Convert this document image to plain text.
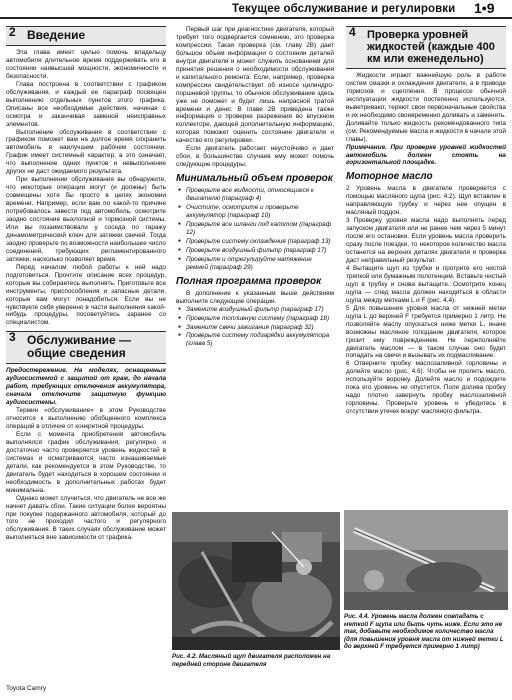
Текущее обслуживание и регулировки 1•9
2 Введение

Эта глава имеет целью помочь владельцу автомобиля длительное время поддерживать его в состоянии наивысшей мощности, экономичности и безопасности.

Глава построена в соответствии с графиком обслуживания, и каждый ее параграф посвящен выполнению отдельных пунктов этого графика. Описаны все необходимые действия, начиная с осмотра и заканчивая заменой неисправных элементов.

Выполнение обслуживания в соответствии с графиком поможет вам на долгое время сохранить автомобиль в наилучшем рабочем состоянии. График имеет системный характер, а это означает, что выполнение одних пунктов и невыполнение других не даст ожидаемого результата.

При выполнении обслуживания вы обнаружите, что некоторые операции могут (и должны) быть совмещены хотя бы просто в целях экономии времени. Например, если вам по какой-то причине потребовалось завести под автомобиль, осмотрите заодно состояние выхлопной и тормозной системы. Или вы позаимствовали у соседа по гаражу динамометрический ключ для затяжки свечей. Тогда заодно проверьте по возможности наибольшее число соединений, требующих регламентированного затяжки, насколько позволяет время.

Перед началом любой работы к ней надо подготовиться. Прочтите описание всех процедур, которые вы собираетесь выполнять. Приготовьте все инструменты, приспособления и запасные детали, которые вам могут понадобиться. Если вы не чувствуете себя уверенно в части выполнения какой-нибудь процедуры, посоветуйтесь заранее со специалистом.

3 Обслуживание — общие сведения

Предостережение. На моделях, оснащенных аудиосистемой с защитой от краж, до начала работ, требующих отключения аккумулятора, сначала отключите защитную функцию аудиосистемы.

Термин «обслуживание» в этом Руководстве относится к выполнению обобщенного комплекса операций в отличие от конкретной процедуры.

Если с момента приобретения автомобиль выполнялся график обслуживания, регулярно и достаточно часто проверяется уровень жидкостей в системах и осматриваются часто изнашиваемые детали, как рекомендуется в этом Руководстве, то двигатель будет находиться в хорошем состоянии и необходимость в дополнительных работах будет минимальна.

Однако может случиться, что двигатель не все же начнет давать сбои. Такие ситуации более вероятны при покупке подержанного автомобиля, который до того не проходил частого и регулярного обслуживания. В таких случаях обслуживание может выполняться вне зависимости от графика.

Первый шаг при диагностике двигателя, который требует того подвергается сомнению, это проверка компрессии. Такая проверка (см. главу 2В) дает большое объем информации о состоянии деталей внутри двигателя и может служить основанием для принятия решения о необходимости обслуживания и капитального ремонта. Если, например, проверка компрессии свидетельствует об износе цилиндро-поршневой группы, то обычное обслуживание здесь уже не поможет и будет лишь напрасной тратой времени и денег. В главе 2В приведена также информация о проверке разрежения во впускном коллекторе, дающей дополнительную информацию, которая поможет оценить состояние двигателя и качество его регулировки.

Если двигатель работает неустойчиво и дает сбои, в большинстве случаев ему может помочь следующие процедуры.

Минимальный объем проверок
● Проверьте все жидкости, относящиеся к двигателю (параграф 4)
● Очистите, осмотрите и проверьте аккумулятор (параграф 10)
● Проверьте все шланги под капотом (параграф 12)
● Проверьте систему охлаждения (параграф 13)
● Проверьте воздушный фильтр (параграф 17)
● Проверьте и отрегулируйте натяжение ремней (параграф 29)
Полная программа проверок

В дополнение к указанным выше действиям выполните следующие операции.

● Замените воздушный фильтр (параграф 17)
● Проверьте топливную систему (параграф 18)
● Замените свечи зажигания (параграф 32)
● Проверьте систему подзарядки аккумулятора (глава 5)
Рис. 4.2. Масляный щуп двигателя расположен на передней стороне двигателя
4 Проверка уровней жидкостей (каждые 400 км или еженедельно)

Жидкости играют важнейшую роль в работе систем смазки и охлаждения двигателя, а в приводе тормозов и сцепления. В процессе обычной эксплуатации жидкости постепенно используются, выветривают, теряют свои первоначальные свойства и их необходимо своевременно доливать и заменять. Доливайте только жидкость рекомендованного типа (см. Рекомендуемые масла и жидкости в начале этой главы).

Примечание. При проверке уровней жидкостей автомобиль должен стоять на горизонтальной площадке.

Моторное масло

2 Уровень масла в двигателе проверяется с помощью масляного щупа (рис. 4.2). Щуп вставлен в направляющую трубку и через нее опущен в масляный поддон.

3 Проверку уровня масла надо выполнять перед запуском двигателя или не ранее чем через 5 минут после его остановки. Если уровень масла проверить сразу после поездки, то некоторое количество масла останется на верхних деталях двигателя и проверка даст неправильный результат.

4 Вытащите щуп из трубки и протрите его чистой тряпкой или бумажным полотенцем. Вставьте чистый щуп в трубку и снова вытащите. Осмотрите конец щупа — след масла должен находиться в области щупа между метками L и F (рис. 4.4).

5 Для повышения уровня масла от нижней метки щупа L до верхней F требуется примерно 1 литр. Не позволяйте маслу опускаться ниже метки L, иначе возможны масляное голодание двигателя, которое грозит ему повреждением. Не переполняйте двигатель маслом — в таком случае оно будет попадать на свечи и вызывать их подмасливание.

6 Отверните пробку маслозаливной горловины и долейте масло (рис. 4.6). Чтобы не пролить масло, используйте воронку. Долейте масло и подождите пока его уровень не опустится. Поле долива пробку надо плотно завернуть пробку маслозаливной горловины. Проверьте уровень и убедитесь в отсутствии утечек вокруг масляного фильтра.

Рис. 4.4. Уровень масла должен совпадать с меткой F щупа или быть чуть ниже. Если это не так, добавьте необходимое количество масла (для повышения уровня масла от нижней метки L до верхней F требуется примерно 1 литр)
Toyota Camry
